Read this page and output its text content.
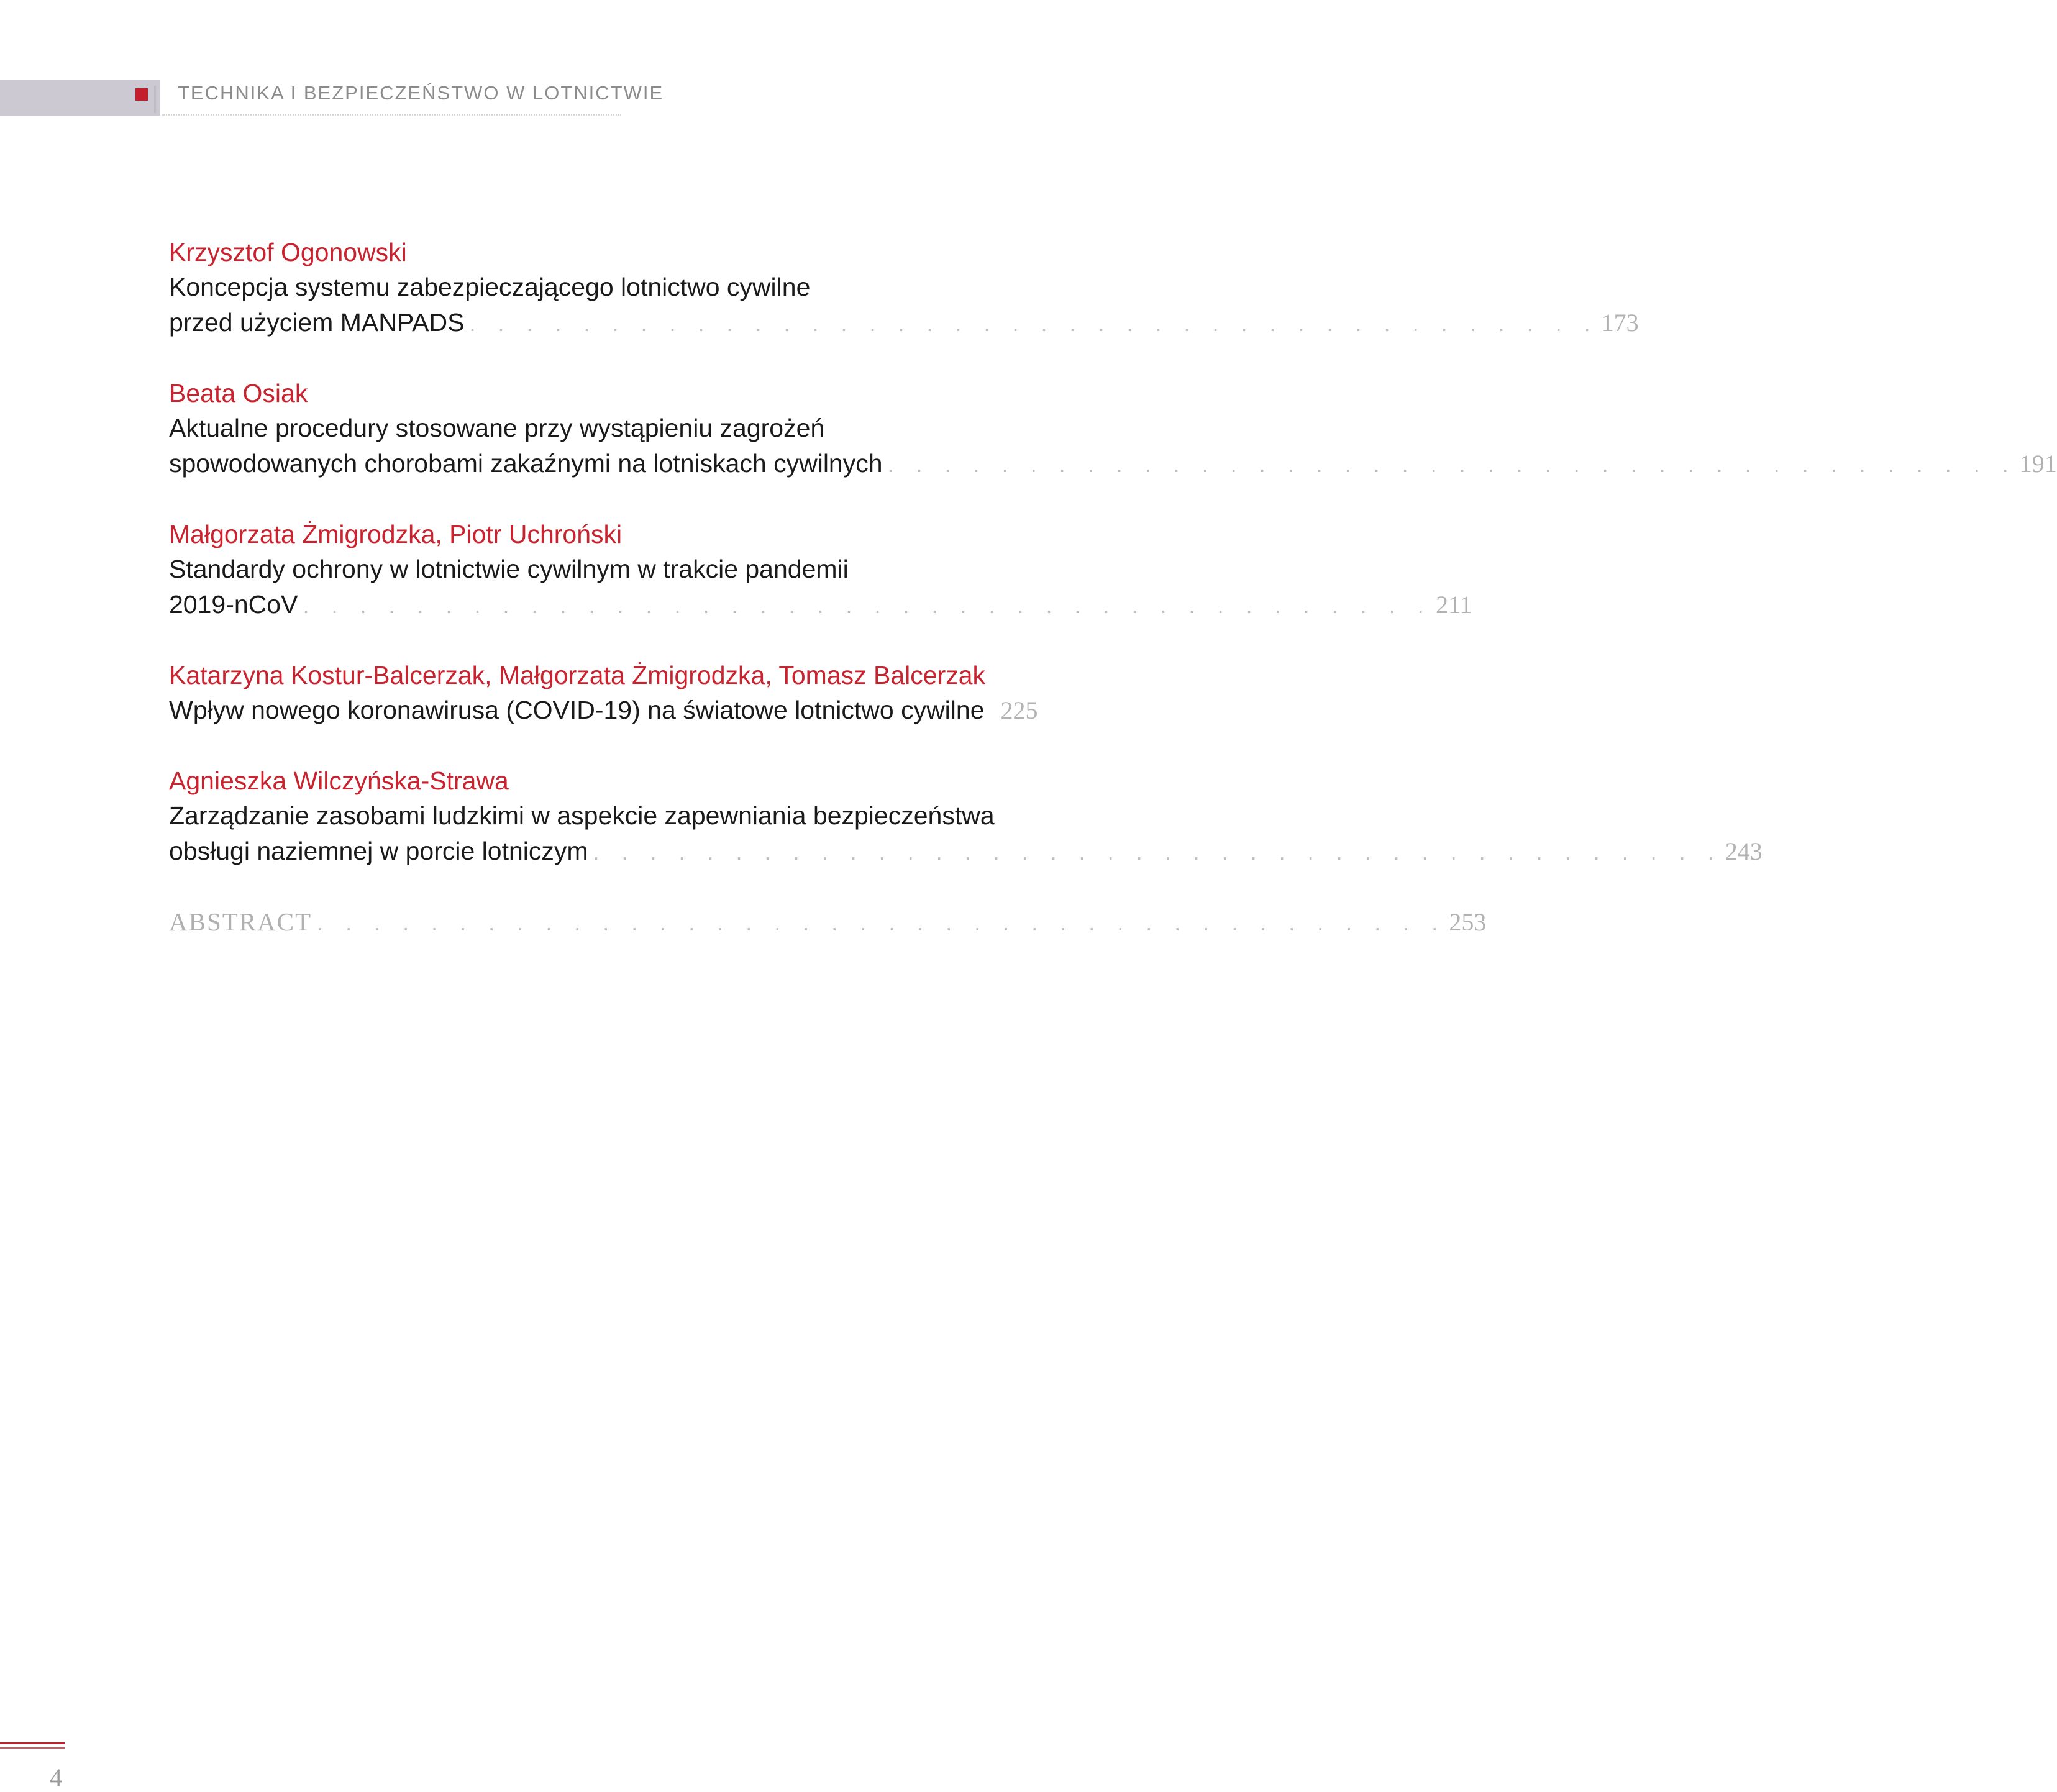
TECHNIKA I BEZPIECZEŃSTWO W LOTNICTWIE
Krzysztof Ogonowski
Koncepcja systemu zabezpieczającego lotnictwo cywilne
przed użyciem MANPADS . . . . . . . . . . . . . . . . . . . . . . . . . . . . . . . . . . . . . . . . 173
Beata Osiak
Aktualne procedury stosowane przy wystąpieniu zagrożeń
spowodowanych chorobami zakaźnymi na lotniskach cywilnych . . . . . . . . . . . . . . . . . . . . . . . . . . . . . . . . . . . . . . . . 191
Małgorzata Żmigrodzka, Piotr Uchroński
Standardy ochrony w lotnictwie cywilnym w trakcie pandemii
2019-nCoV . . . . . . . . . . . . . . . . . . . . . . . . . . . . . . . . . . . . . . . . 211
Katarzyna Kostur-Balcerzak, Małgorzata Żmigrodzka, Tomasz Balcerzak
Wpływ nowego koronawirusa (COVID-19) na światowe lotnictwo cywilne 225
Agnieszka Wilczyńska-Strawa
Zarządzanie zasobami ludzkimi w aspekcie zapewniania bezpieczeństwa
obsługi naziemnej w porcie lotniczym . . . . . . . . . . . . . . . . . . . . . . . . . . . . . . . . . . . . . . . . 243
ABSTRACT . . . . . . . . . . . . . . . . . . . . . . . . . . . . . . . . . . . . . . . . 253
4
